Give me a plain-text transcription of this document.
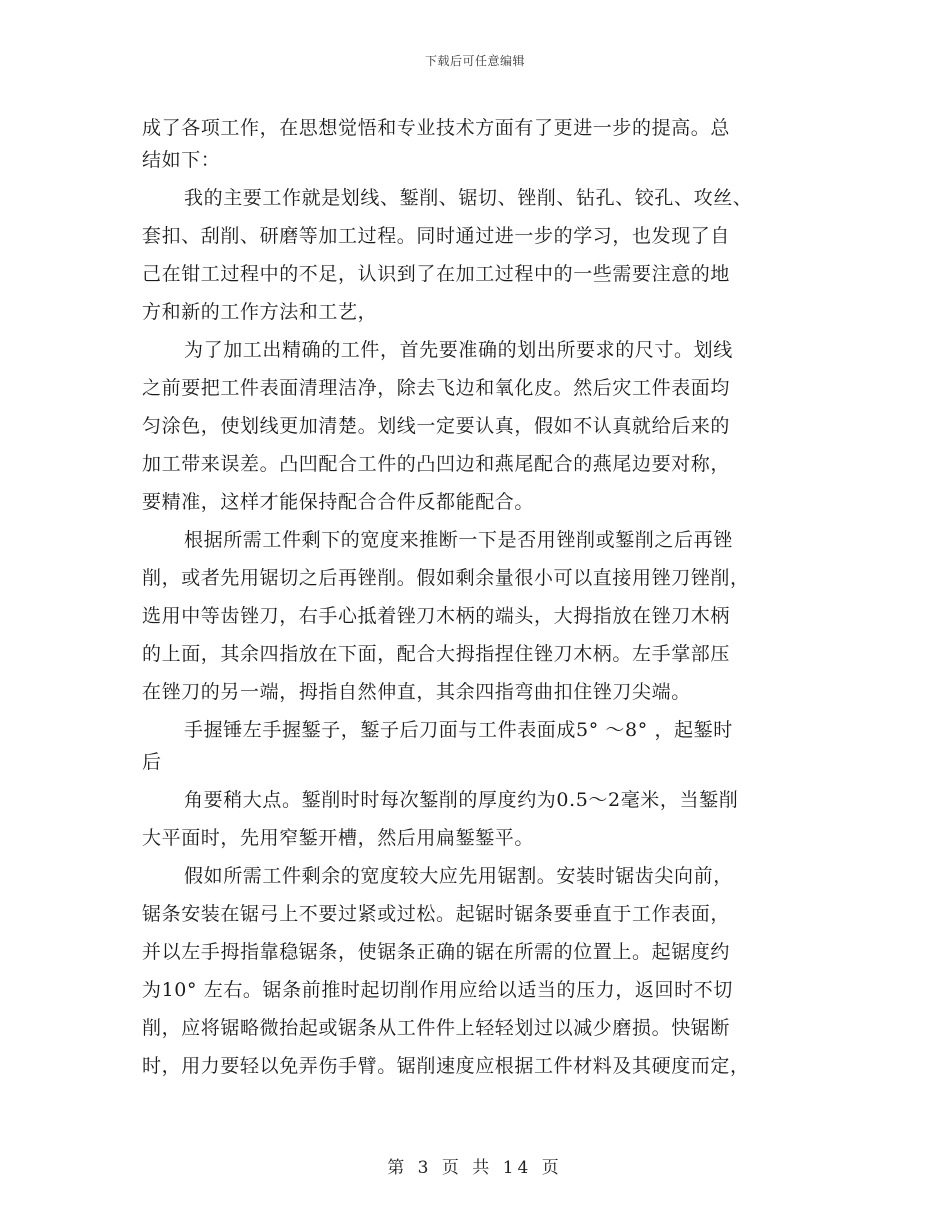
下载后可任意编辑
成了各项工作，在思想觉悟和专业技术方面有了更进一步的提高。总
结如下：
我的主要工作就是划线、錾削、锯切、锉削、钻孔、铰孔、攻丝、
套扣、刮削、研磨等加工过程。同时通过进一步的学习，也发现了自
己在钳工过程中的不足，认识到了在加工过程中的一些需要注意的地
方和新的工作方法和工艺，
为了加工出精确的工件，首先要准确的划出所要求的尺寸。划线
之前要把工件表面清理洁净，除去飞边和氧化皮。然后灾工件表面均
匀涂色，使划线更加清楚。划线一定要认真，假如不认真就给后来的
加工带来误差。凸凹配合工件的凸凹边和燕尾配合的燕尾边要对称，
要精准，这样才能保持配合合件反都能配合。
根据所需工件剩下的宽度来推断一下是否用锉削或錾削之后再锉
削，或者先用锯切之后再锉削。假如剩余量很小可以直接用锉刀锉削，
选用中等齿锉刀，右手心抵着锉刀木柄的端头，大拇指放在锉刀木柄
的上面，其余四指放在下面，配合大拇指捏住锉刀木柄。左手掌部压
在锉刀的另一端，拇指自然伸直，其余四指弯曲扣住锉刀尖端。
手握锤左手握錾子，錾子后刀面与工件表面成5° ～8° ，起錾时
后
角要稍大点。錾削时时每次錾削的厚度约为0.5～2毫米，当錾削
大平面时，先用窄錾开槽，然后用扁錾錾平。
假如所需工件剩余的宽度较大应先用锯割。安装时锯齿尖向前，
锯条安装在锯弓上不要过紧或过松。起锯时锯条要垂直于工作表面，
并以左手拇指靠稳锯条，使锯条正确的锯在所需的位置上。起锯度约
为10° 左右。锯条前推时起切削作用应给以适当的压力，返回时不切
削，应将锯略微抬起或锯条从工件件上轻轻划过以减少磨损。快锯断
时，用力要轻以免弄伤手臂。锯削速度应根据工件材料及其硬度而定，
第 3 页 共 14 页
